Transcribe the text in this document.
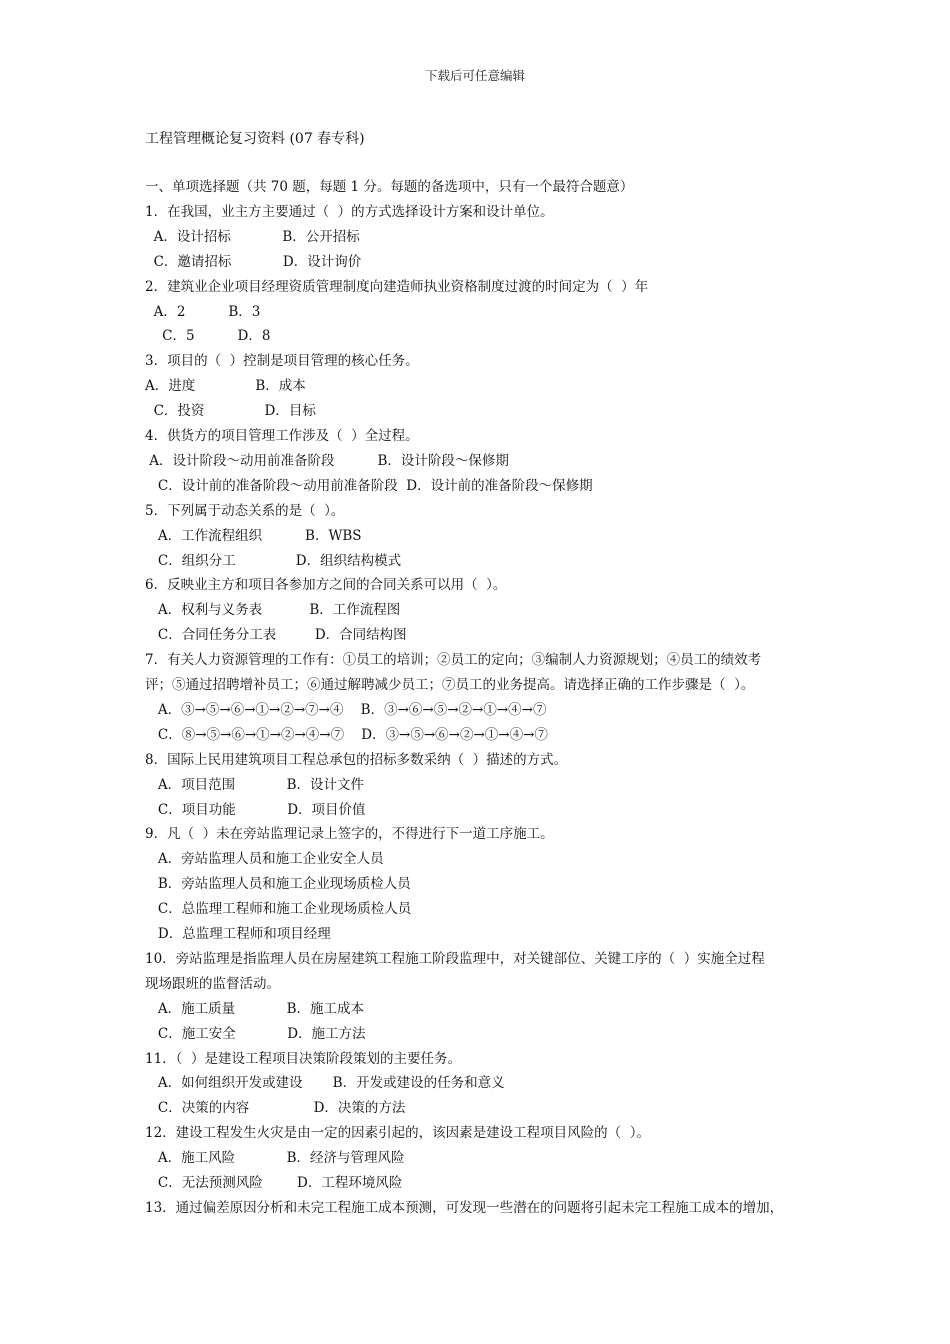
下载后可任意编辑
工程管理概论复习资料 (07 春专科)
一、单项选择题（共 70 题，每题 1 分。每题的备选项中，只有一个最符合题意）
1．在我国，业主方主要通过（  ）的方式选择设计方案和设计单位。
A．设计招标            B．公开招标
C．邀请招标            D．设计询价
2．建筑业企业项目经理资质管理制度向建造师执业资格制度过渡的时间定为（  ）年
A．2          B．3
C．5          D．8
3．项目的（  ）控制是项目管理的核心任务。
A．进度              B．成本
C．投资              D．目标
4．供货方的项目管理工作涉及（  ）全过程。
A．设计阶段～动用前准备阶段          B．设计阶段～保修期
C．设计前的准备阶段～动用前准备阶段  D．设计前的准备阶段～保修期
5．下列属于动态关系的是（  ）。
A．工作流程组织          B．WBS
C．组织分工              D．组织结构模式
6．反映业主方和项目各参加方之间的合同关系可以用（  ）。
A．权利与义务表           B．工作流程图
C．合同任务分工表         D．合同结构图
7．有关人力资源管理的工作有：①员工的培训；②员工的定向；③编制人力资源规划；④员工的绩效考
评；⑤通过招聘增补员工；⑥通过解聘减少员工；⑦员工的业务提高。请选择正确的工作步骤是（  ）。
A．③→⑤→⑥→①→②→⑦→④    B．③→⑥→⑤→②→①→④→⑦
C．⑧→⑤→⑥→①→②→④→⑦    D．③→⑤→⑥→②→①→④→⑦
8．国际上民用建筑项目工程总承包的招标多数采纳（  ）描述的方式。
A．项目范围            B．设计文件
C．项目功能            D．项目价值
9．凡（  ）未在旁站监理记录上签字的，不得进行下一道工序施工。
A．旁站监理人员和施工企业安全人员
B．旁站监理人员和施工企业现场质检人员
C．总监理工程师和施工企业现场质检人员
D．总监理工程师和项目经理
10．旁站监理是指监理人员在房屋建筑工程施工阶段监理中，对关键部位、关键工序的（  ）实施全过程
现场跟班的监督活动。
A．施工质量            B．施工成本
C．施工安全            D．施工方法
11．（  ）是建设工程项目决策阶段策划的主要任务。
A．如何组织开发或建设       B．开发或建设的任务和意义
C．决策的内容               D．决策的方法
12．建设工程发生火灾是由一定的因素引起的，该因素是建设工程项目风险的（  ）。
A．施工风险            B．经济与管理风险
C．无法预测风险        D．工程环境风险
13．通过偏差原因分析和未完工程施工成本预测，可发现一些潜在的问题将引起未完工程施工成本的增加，
